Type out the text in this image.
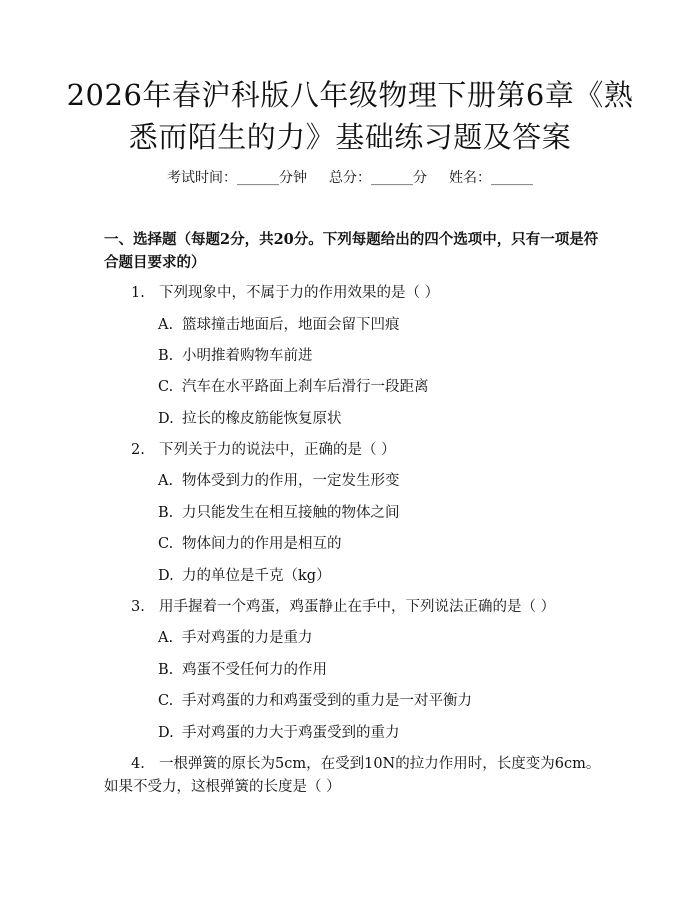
2026年春沪科版八年级物理下册第6章《熟悉而陌生的力》基础练习题及答案
考试时间：______分钟 总分：______分 姓名：______
一、选择题（每题2分，共20分。下列每题给出的四个选项中，只有一项是符合题目要求的）
1. 下列现象中，不属于力的作用效果的是（ ）
A. 篮球撞击地面后，地面会留下凹痕
B. 小明推着购物车前进
C. 汽车在水平路面上刹车后滑行一段距离
D. 拉长的橡皮筋能恢复原状
2. 下列关于力的说法中，正确的是（ ）
A. 物体受到力的作用，一定发生形变
B. 力只能发生在相互接触的物体之间
C. 物体间力的作用是相互的
D. 力的单位是千克（kg）
3. 用手握着一个鸡蛋，鸡蛋静止在手中，下列说法正确的是（ ）
A. 手对鸡蛋的力是重力
B. 鸡蛋不受任何力的作用
C. 手对鸡蛋的力和鸡蛋受到的重力是一对平衡力
D. 手对鸡蛋的力大于鸡蛋受到的重力
4. 一根弹簧的原长为5cm，在受到10N的拉力作用时，长度变为6cm。如果不受力，这根弹簧的长度是（ ）
